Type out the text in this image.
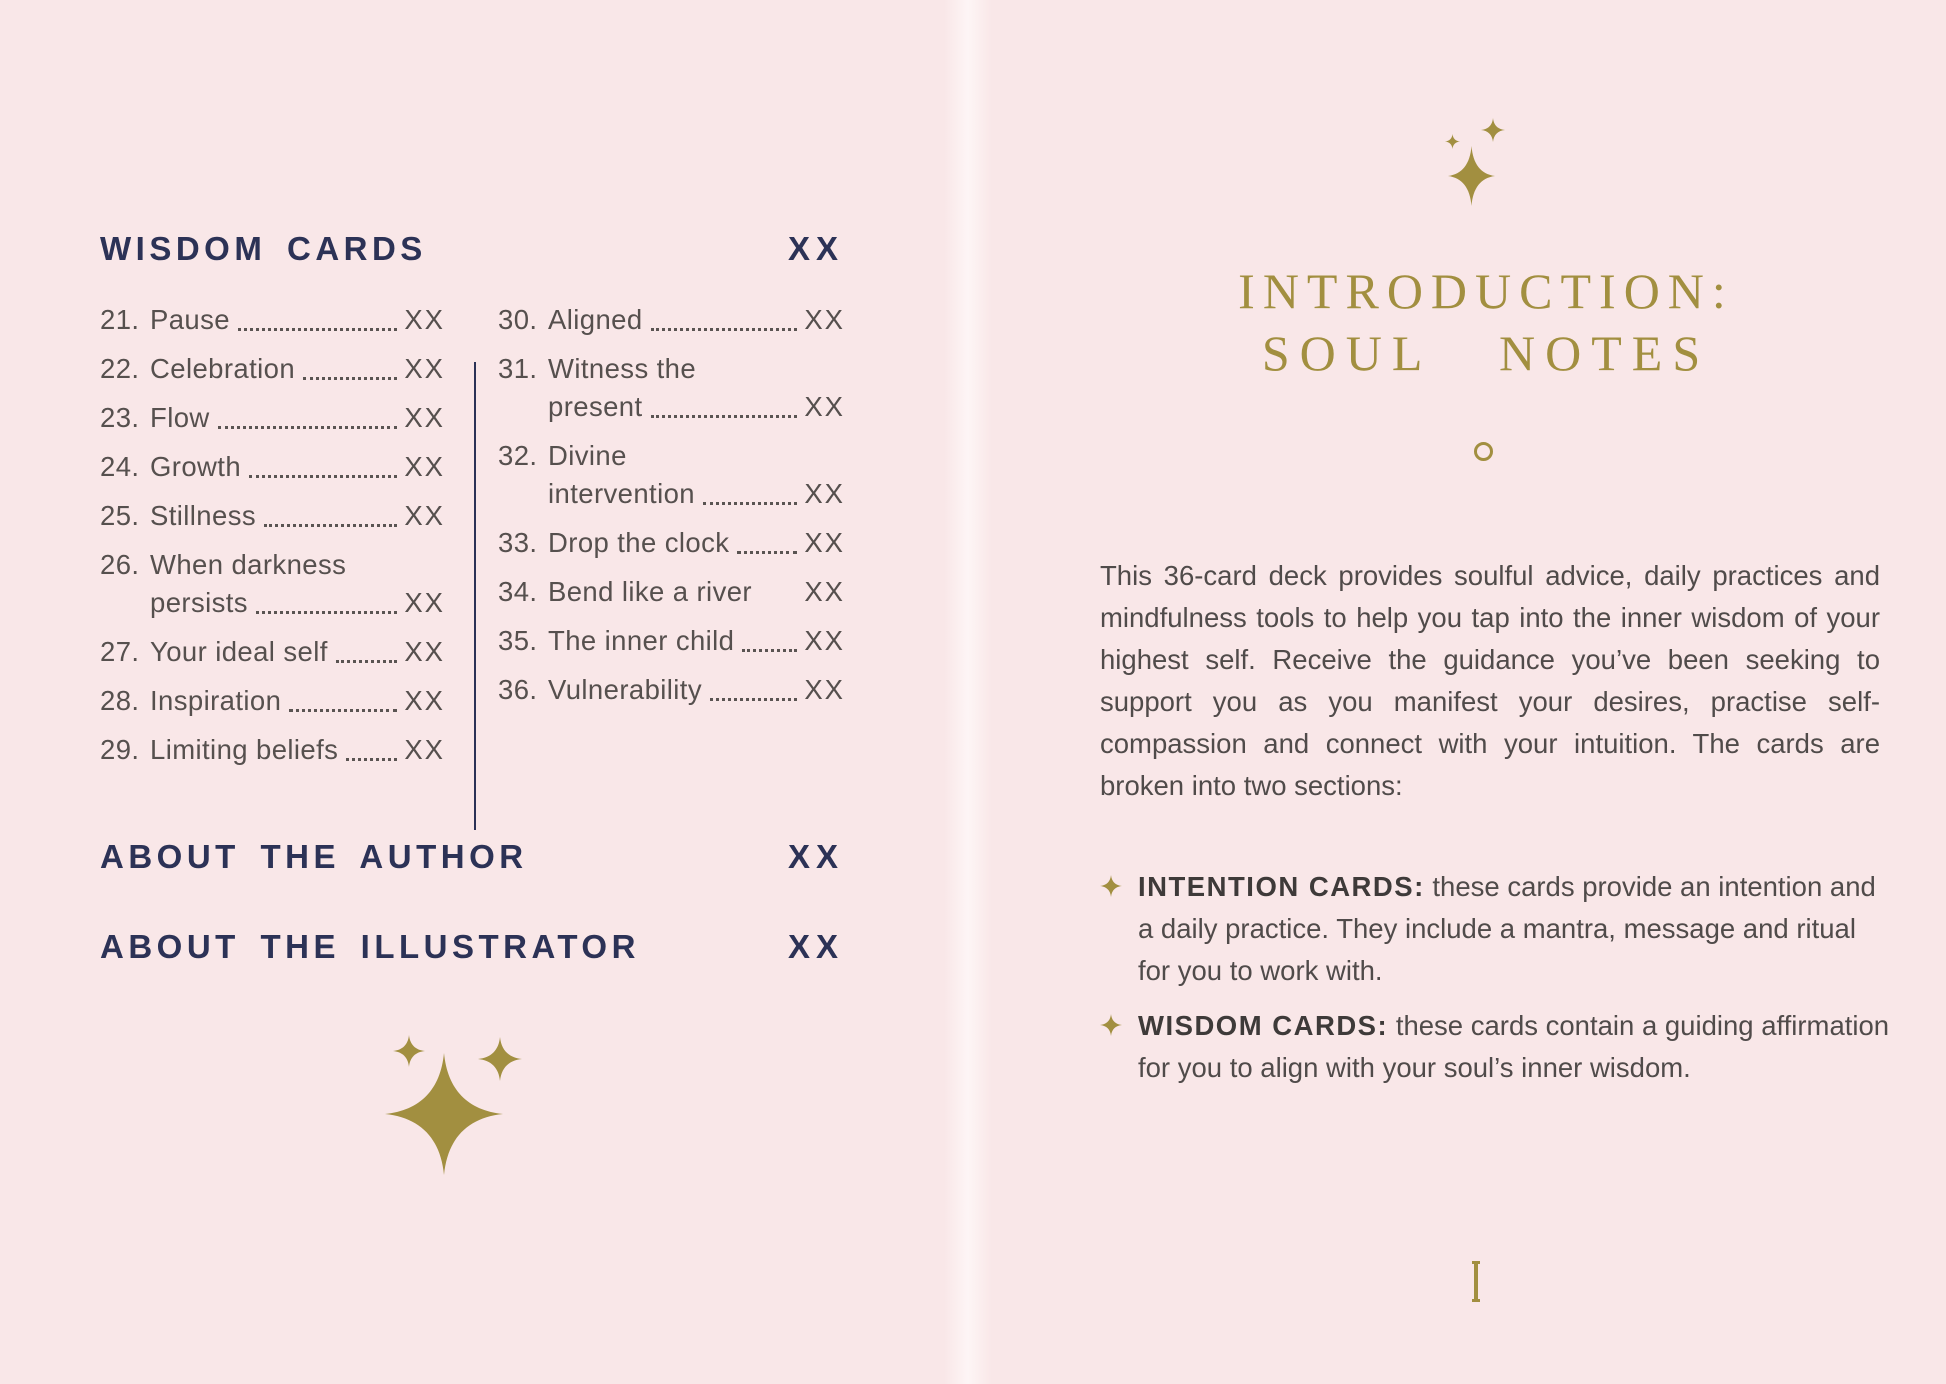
WISDOM CARDS	XX
21. Pause	XX
22. Celebration	XX
23. Flow	XX
24. Growth	XX
25. Stillness	XX
26. When darkness
persists	XX
27. Your ideal self	XX
28. Inspiration	XX
29. Limiting beliefs XX
30. Aligned	XX
31. Witness the
present	XX
32. Divine
intervention	XX
33. Drop the clock	XX
34. Bend like a river XX
35. The inner child	XX
36. Vulnerability	XX
ABOUT THE AUTHOR	XX
ABOUT THE ILLUSTRATOR	XX
INTRODUCTION:
SOUL NOTES

This 36-card deck provides soulful advice, daily practices and mindfulness tools to help you tap into the inner wisdom of your highest self. Receive the guidance you’ve been seeking to support you as you manifest your desires, practise self-compassion and connect with your intuition. The cards are broken into two sections:

INTENTION CARDS: these cards provide an intention and a daily practice. They include a mantra, message and ritual for you to work with.
WISDOM CARDS: these cards contain a guiding affirmation for you to align with your soul’s inner wisdom.
